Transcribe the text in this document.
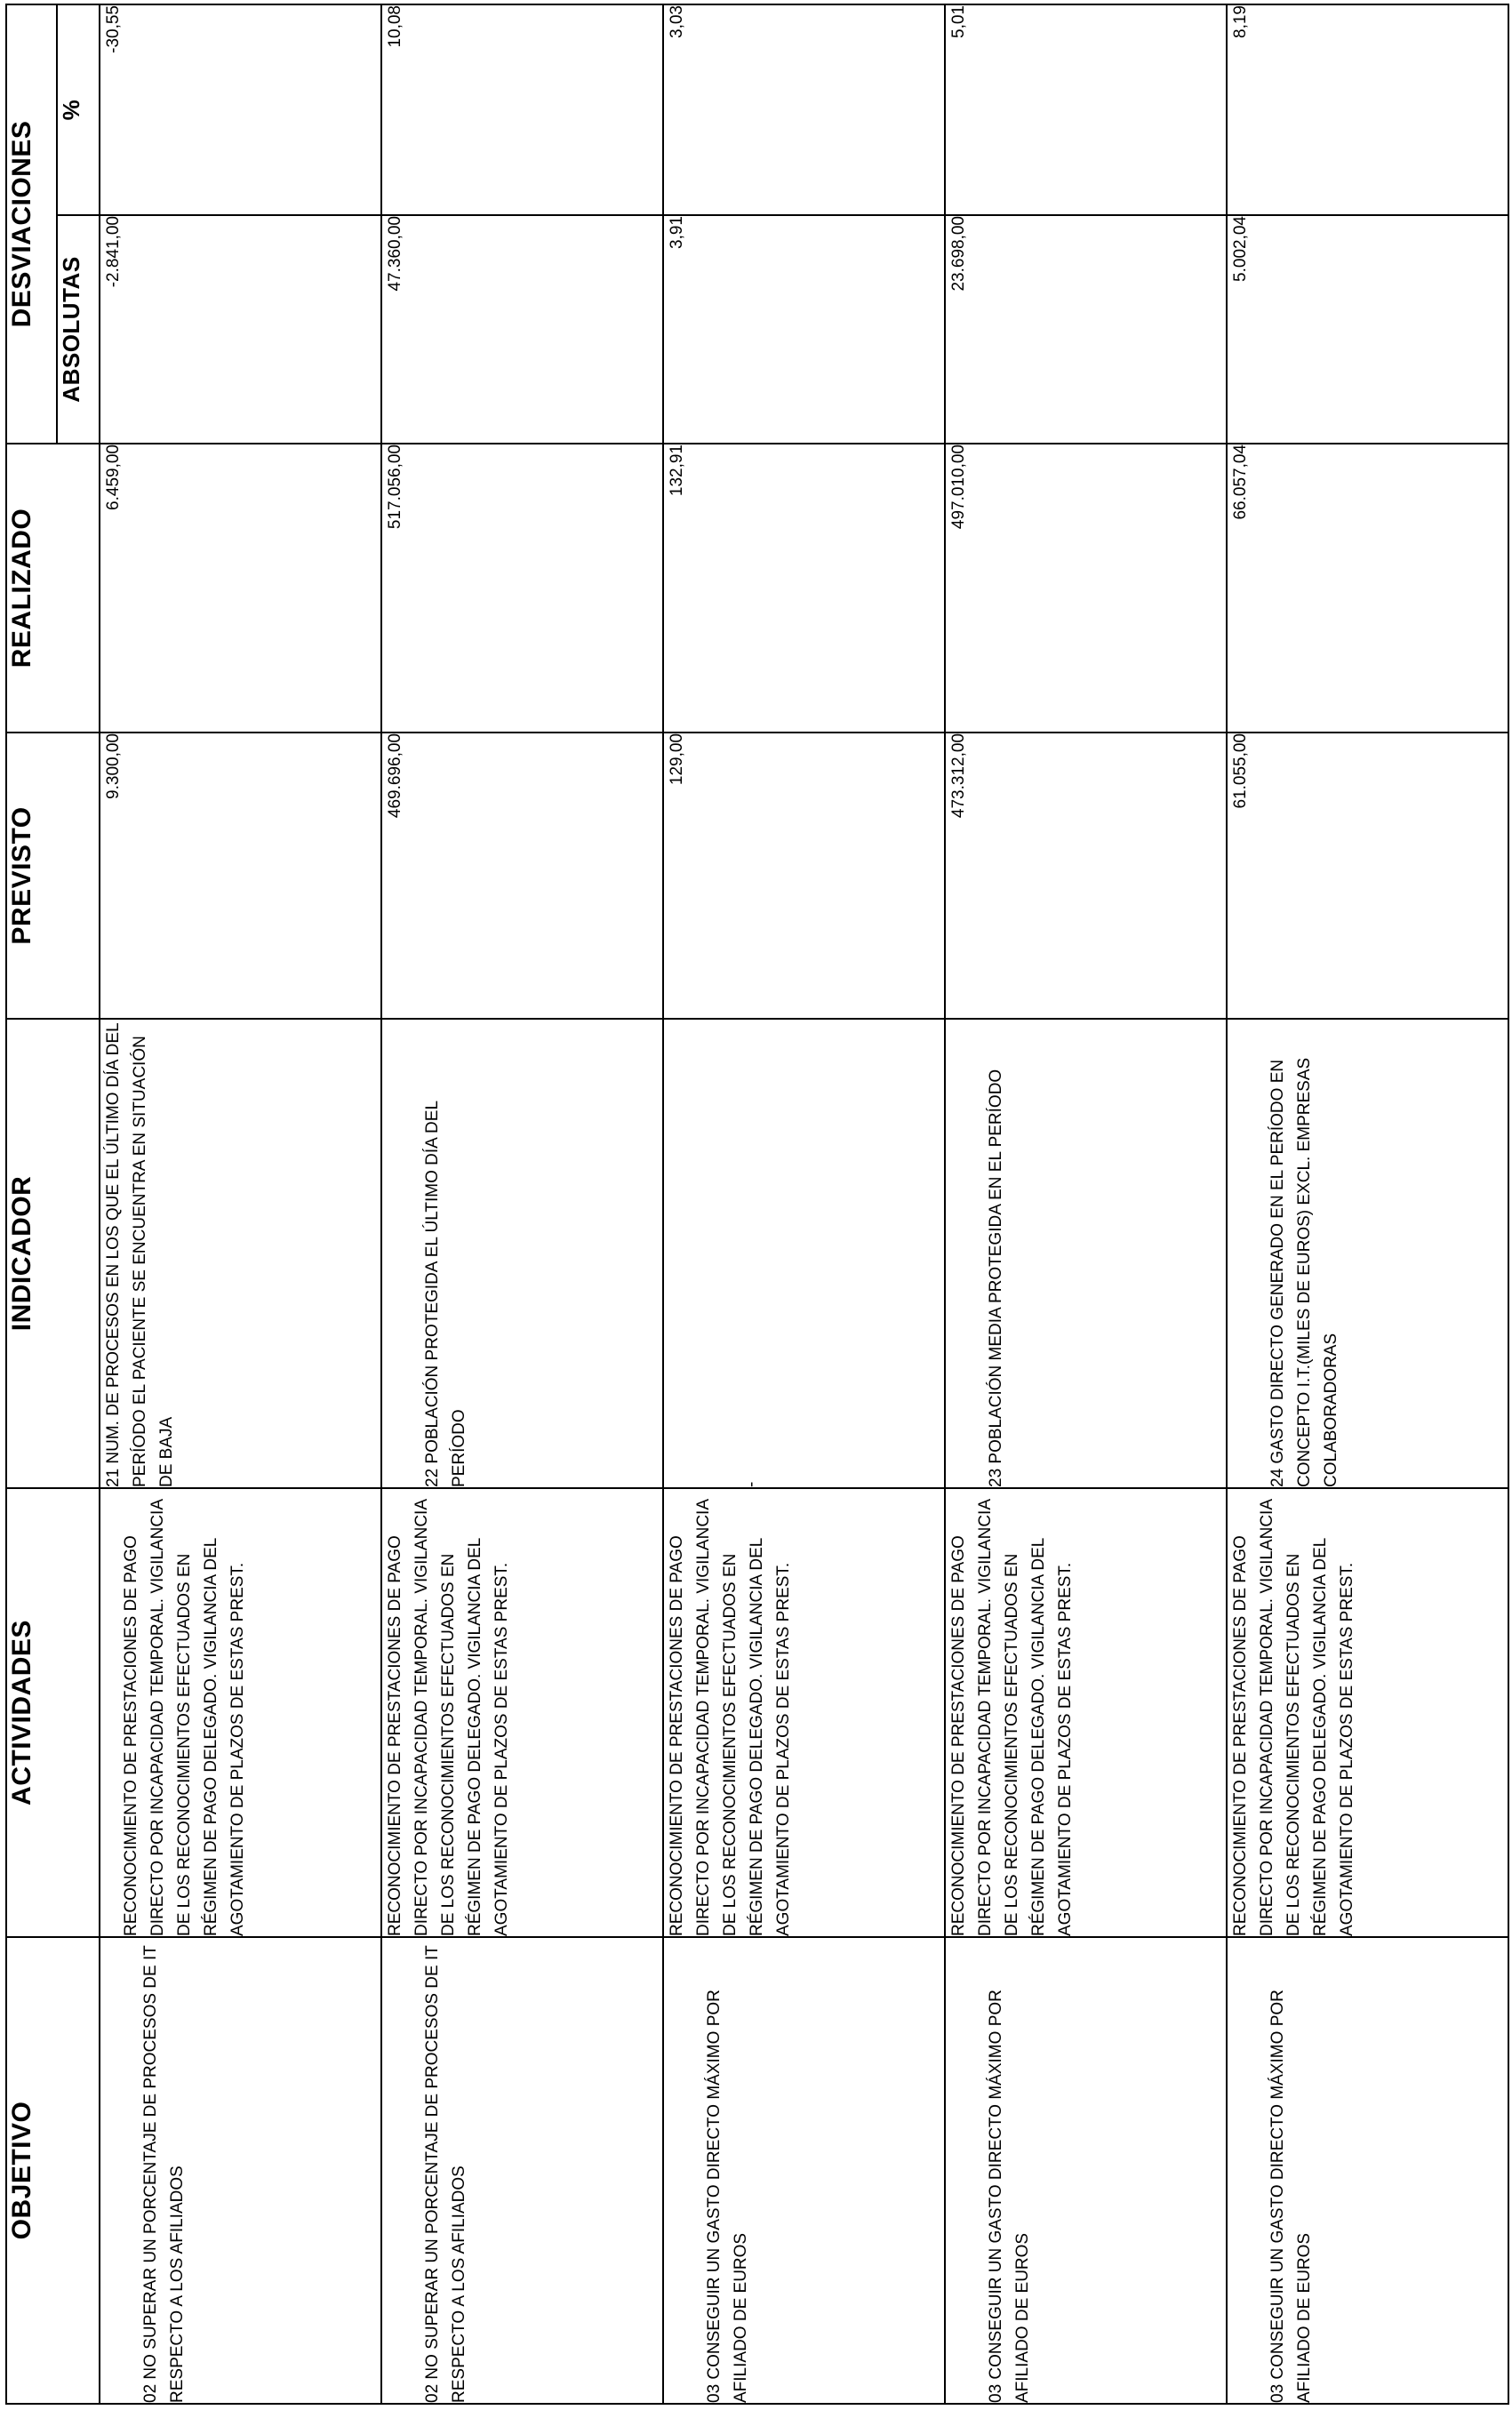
OBJETIVO	ACTIVIDADES	INDICADOR	PREVISTO	REALIZADO	DESVIACIONES	
					ABSOLUTAS	%

02 NO SUPERAR UN PORCENTAJE DE PROCESOS DE IT RESPECTO A LOS AFILIADOS	RECONOCIMIENTO DE PRESTACIONES DE PAGO DIRECTO POR INCAPACIDAD TEMPORAL. VIGILANCIA DE LOS RECONOCIMIENTOS EFECTUADOS EN RÉGIMEN DE PAGO DELEGADO. VIGILANCIA DEL AGOTAMIENTO DE PLAZOS DE ESTAS PREST.	21 NUM. DE PROCESOS EN LOS QUE EL ÚLTIMO DÍA DEL PERÍODO EL PACIENTE SE ENCUENTRA EN SITUACIÓN DE BAJA	9.300,00	6.459,00	-2.841,00	-30,55

02 NO SUPERAR UN PORCENTAJE DE PROCESOS DE IT RESPECTO A LOS AFILIADOS	RECONOCIMIENTO DE PRESTACIONES DE PAGO DIRECTO POR INCAPACIDAD TEMPORAL. VIGILANCIA DE LOS RECONOCIMIENTOS EFECTUADOS EN RÉGIMEN DE PAGO DELEGADO. VIGILANCIA DEL AGOTAMIENTO DE PLAZOS DE ESTAS PREST.	22 POBLACIÓN PROTEGIDA EL ÚLTIMO DÍA DEL PERÍODO	469.696,00	517.056,00	47.360,00	10,08

03 CONSEGUIR UN GASTO DIRECTO MÁXIMO POR AFILIADO DE EUROS	RECONOCIMIENTO DE PRESTACIONES DE PAGO DIRECTO POR INCAPACIDAD TEMPORAL. VIGILANCIA DE LOS RECONOCIMIENTOS EFECTUADOS EN RÉGIMEN DE PAGO DELEGADO. VIGILANCIA DEL AGOTAMIENTO DE PLAZOS DE ESTAS PREST.	-	129,00	132,91	3,91	3,03

03 CONSEGUIR UN GASTO DIRECTO MÁXIMO POR AFILIADO DE EUROS	RECONOCIMIENTO DE PRESTACIONES DE PAGO DIRECTO POR INCAPACIDAD TEMPORAL. VIGILANCIA DE LOS RECONOCIMIENTOS EFECTUADOS EN RÉGIMEN DE PAGO DELEGADO. VIGILANCIA DEL AGOTAMIENTO DE PLAZOS DE ESTAS PREST.	23 POBLACIÓN MEDIA PROTEGIDA EN EL PERÍODO	473.312,00	497.010,00	23.698,00	5,01

03 CONSEGUIR UN GASTO DIRECTO MÁXIMO POR AFILIADO DE EUROS	RECONOCIMIENTO DE PRESTACIONES DE PAGO DIRECTO POR INCAPACIDAD TEMPORAL. VIGILANCIA DE LOS RECONOCIMIENTOS EFECTUADOS EN RÉGIMEN DE PAGO DELEGADO. VIGILANCIA DEL AGOTAMIENTO DE PLAZOS DE ESTAS PREST.	24 GASTO DIRECTO GENERADO EN EL PERÍODO EN CONCEPTO I.T.(MILES DE EUROS) EXCL. EMPRESAS COLABORADORAS	61.055,00	66.057,04	5.002,04	8,19
